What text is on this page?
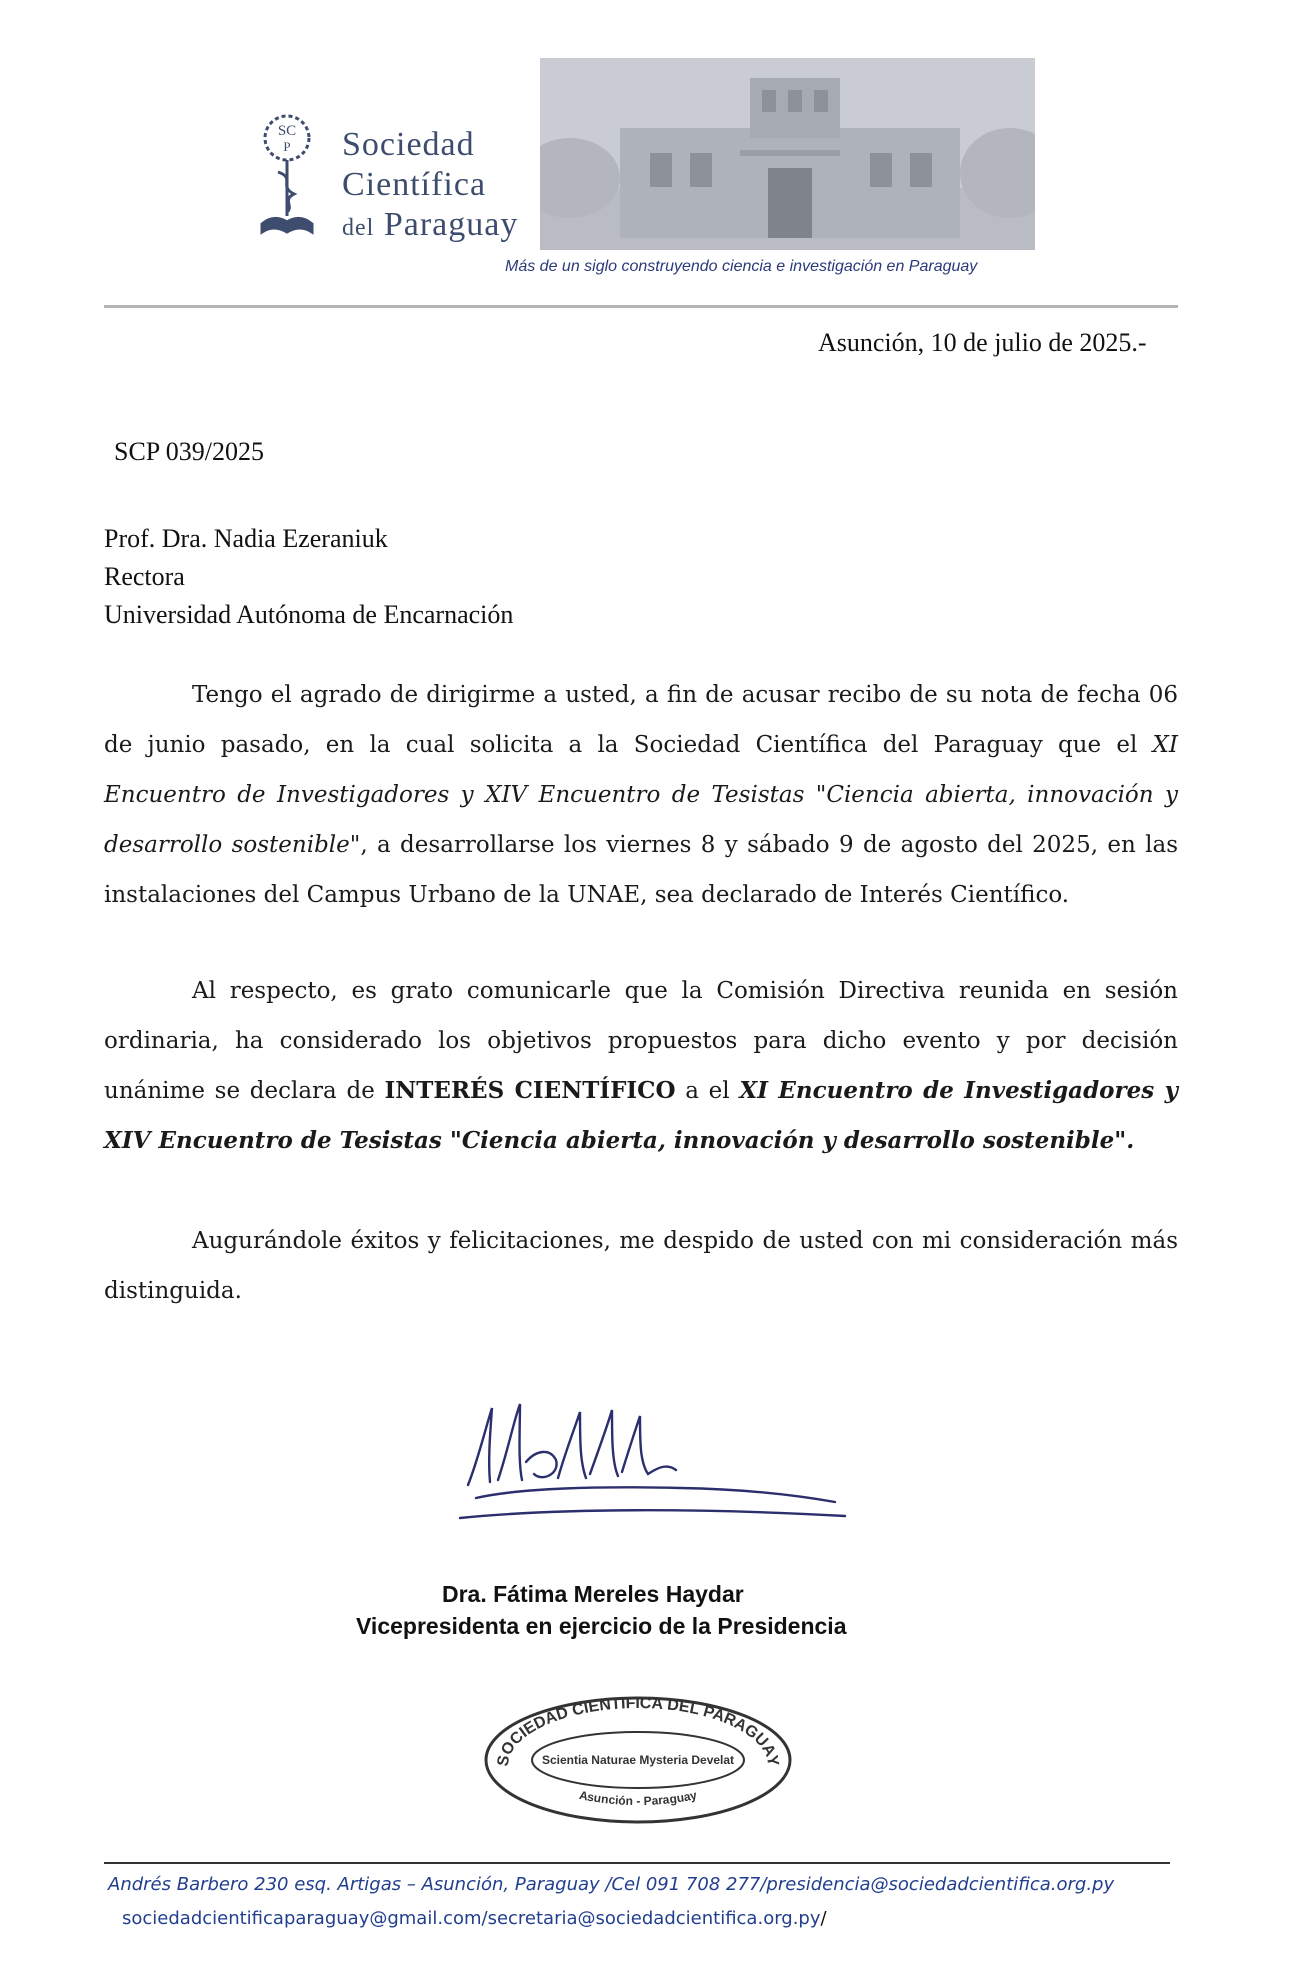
SC
P Sociedad
Científica
del Paraguay
Más de un siglo construyendo ciencia e investigación en Paraguay
Asunción, 10 de julio de 2025.-
SCP 039/2025
Prof. Dra. Nadia Ezeraniuk
Rectora
Universidad Autónoma de Encarnación
Tengo el agrado de dirigirme a usted, a fin de acusar recibo de su nota de fecha 06 de junio pasado, en la cual solicita a la Sociedad Científica del Paraguay que el XI Encuentro de Investigadores y XIV Encuentro de Tesistas "Ciencia abierta, innovación y desarrollo sostenible", a desarrollarse los viernes 8 y sábado 9 de agosto del 2025, en las instalaciones del Campus Urbano de la UNAE, sea declarado de Interés Científico.
Al respecto, es grato comunicarle que la Comisión Directiva reunida en sesión ordinaria, ha considerado los objetivos propuestos para dicho evento y por decisión unánime se declara de INTERÉS CIENTÍFICO a el XI Encuentro de Investigadores y XIV Encuentro de Tesistas "Ciencia abierta, innovación y desarrollo sostenible".
Augurándole éxitos y felicitaciones, me despido de usted con mi consideración más distinguida.
Dra. Fátima Mereles Haydar
Vicepresidenta en ejercicio de la Presidencia
SOCIEDAD CIENTIFICA DEL PARAGUAY
Scientia Naturae Mysteria Develat
Asunción - Paraguay
Andrés Barbero 230 esq. Artigas – Asunción, Paraguay /Cel 091 708 277/presidencia@sociedadcientifica.org.py
sociedadcientificaparaguay@gmail.com/secretaria@sociedadcientifica.org.py/
